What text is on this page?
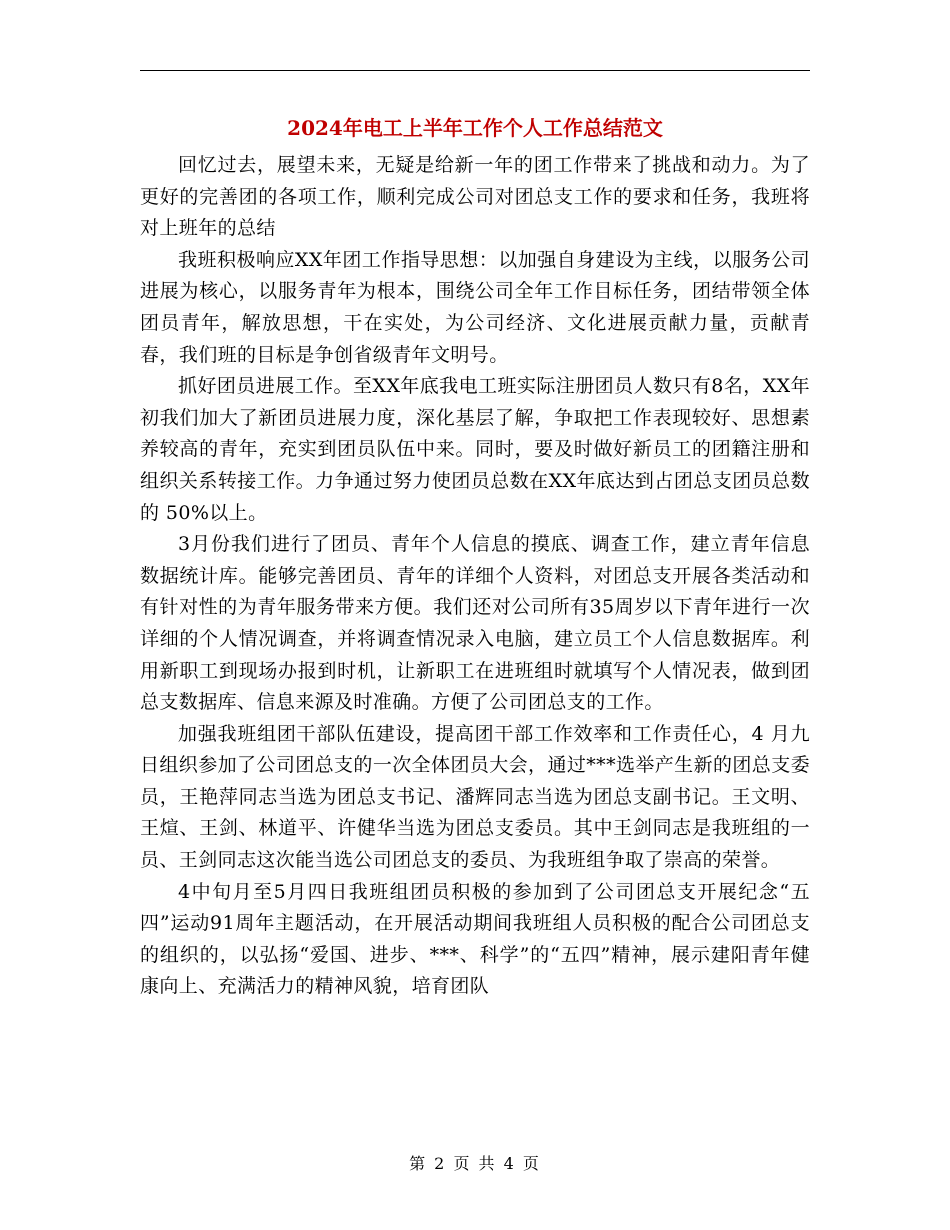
2024年电工上半年工作个人工作总结范文

回忆过去，展望未来，无疑是给新一年的团工作带来了挑战和动力。为了更好的完善团的各项工作，顺利完成公司对团总支工作的要求和任务，我班将对上班年的总结

我班积极响应XX年团工作指导思想：以加强自身建设为主线，以服务公司进展为核心，以服务青年为根本，围绕公司全年工作目标任务，团结带领全体团员青年，解放思想，干在实处，为公司经济、文化进展贡献力量，贡献青春，我们班的目标是争创省级青年文明号。

抓好团员进展工作。至XX年底我电工班实际注册团员人数只有8名，XX年初我们加大了新团员进展力度，深化基层了解，争取把工作表现较好、思想素养较高的青年，充实到团员队伍中来。同时，要及时做好新员工的团籍注册和组织关系转接工作。力争通过努力使团员总数在XX年底达到占团总支团员总数的 50%以上。

3月份我们进行了团员、青年个人信息的摸底、调查工作，建立青年信息数据统计库。能够完善团员、青年的详细个人资料，对团总支开展各类活动和有针对性的为青年服务带来方便。我们还对公司所有35周岁以下青年进行一次详细的个人情况调查，并将调查情况录入电脑，建立员工个人信息数据库。利用新职工到现场办报到时机，让新职工在进班组时就填写个人情况表，做到团总支数据库、信息来源及时准确。方便了公司团总支的工作。

加强我班组团干部队伍建设，提高团干部工作效率和工作责任心，4 月九日组织参加了公司团总支的一次全体团员大会，通过***选举产生新的团总支委员，王艳萍同志当选为团总支书记、潘辉同志当选为团总支副书记。王文明、王煊、王剑、林道平、许健华当选为团总支委员。其中王剑同志是我班组的一员、王剑同志这次能当选公司团总支的委员、为我班组争取了崇高的荣誉。

4中旬月至5月四日我班组团员积极的参加到了公司团总支开展纪念“五四”运动91周年主题活动，在开展活动期间我班组人员积极的配合公司团总支的组织的，以弘扬“爱国、进步、***、科学”的“五四”精神，展示建阳青年健康向上、充满活力的精神风貌，培育团队

第 2 页 共 4 页
